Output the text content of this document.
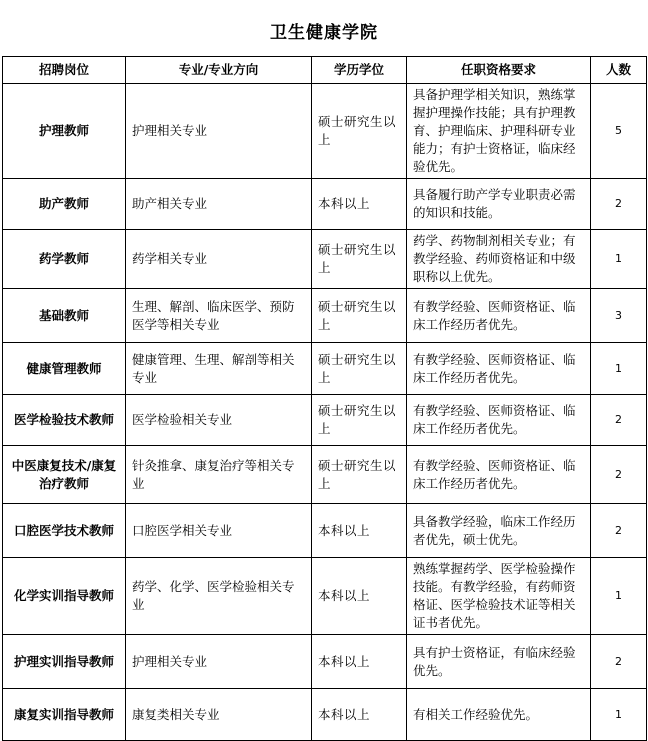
卫生健康学院
招聘岗位	专业/专业方向	学历学位	任职资格要求	人数
护理教师	护理相关专业	硕士研究生以上	具备护理学相关知识，熟练掌握护理操作技能；具有护理教育、护理临床、护理科研专业能力；有护士资格证，临床经验优先。	5
助产教师	助产相关专业	本科以上	具备履行助产学专业职责必需的知识和技能。	2
药学教师	药学相关专业	硕士研究生以上	药学、药物制剂相关专业；有教学经验、药师资格证和中级职称以上优先。	1
基础教师	生理、解剖、临床医学、预防医学等相关专业	硕士研究生以上	有教学经验、医师资格证、临床工作经历者优先。	3
健康管理教师	健康管理、生理、解剖等相关专业	硕士研究生以上	有教学经验、医师资格证、临床工作经历者优先。	1
医学检验技术教师	医学检验相关专业	硕士研究生以上	有教学经验、医师资格证、临床工作经历者优先。	2
中医康复技术/康复治疗教师	针灸推拿、康复治疗等相关专业	硕士研究生以上	有教学经验、医师资格证、临床工作经历者优先。	2
口腔医学技术教师	口腔医学相关专业	本科以上	具备教学经验，临床工作经历者优先，硕士优先。	2
化学实训指导教师	药学、化学、医学检验相关专业	本科以上	熟练掌握药学、医学检验操作技能。有教学经验，有药师资格证、医学检验技术证等相关证书者优先。	1
护理实训指导教师	护理相关专业	本科以上	具有护士资格证，有临床经验优先。	2
康复实训指导教师	康复类相关专业	本科以上	有相关工作经验优先。	1
